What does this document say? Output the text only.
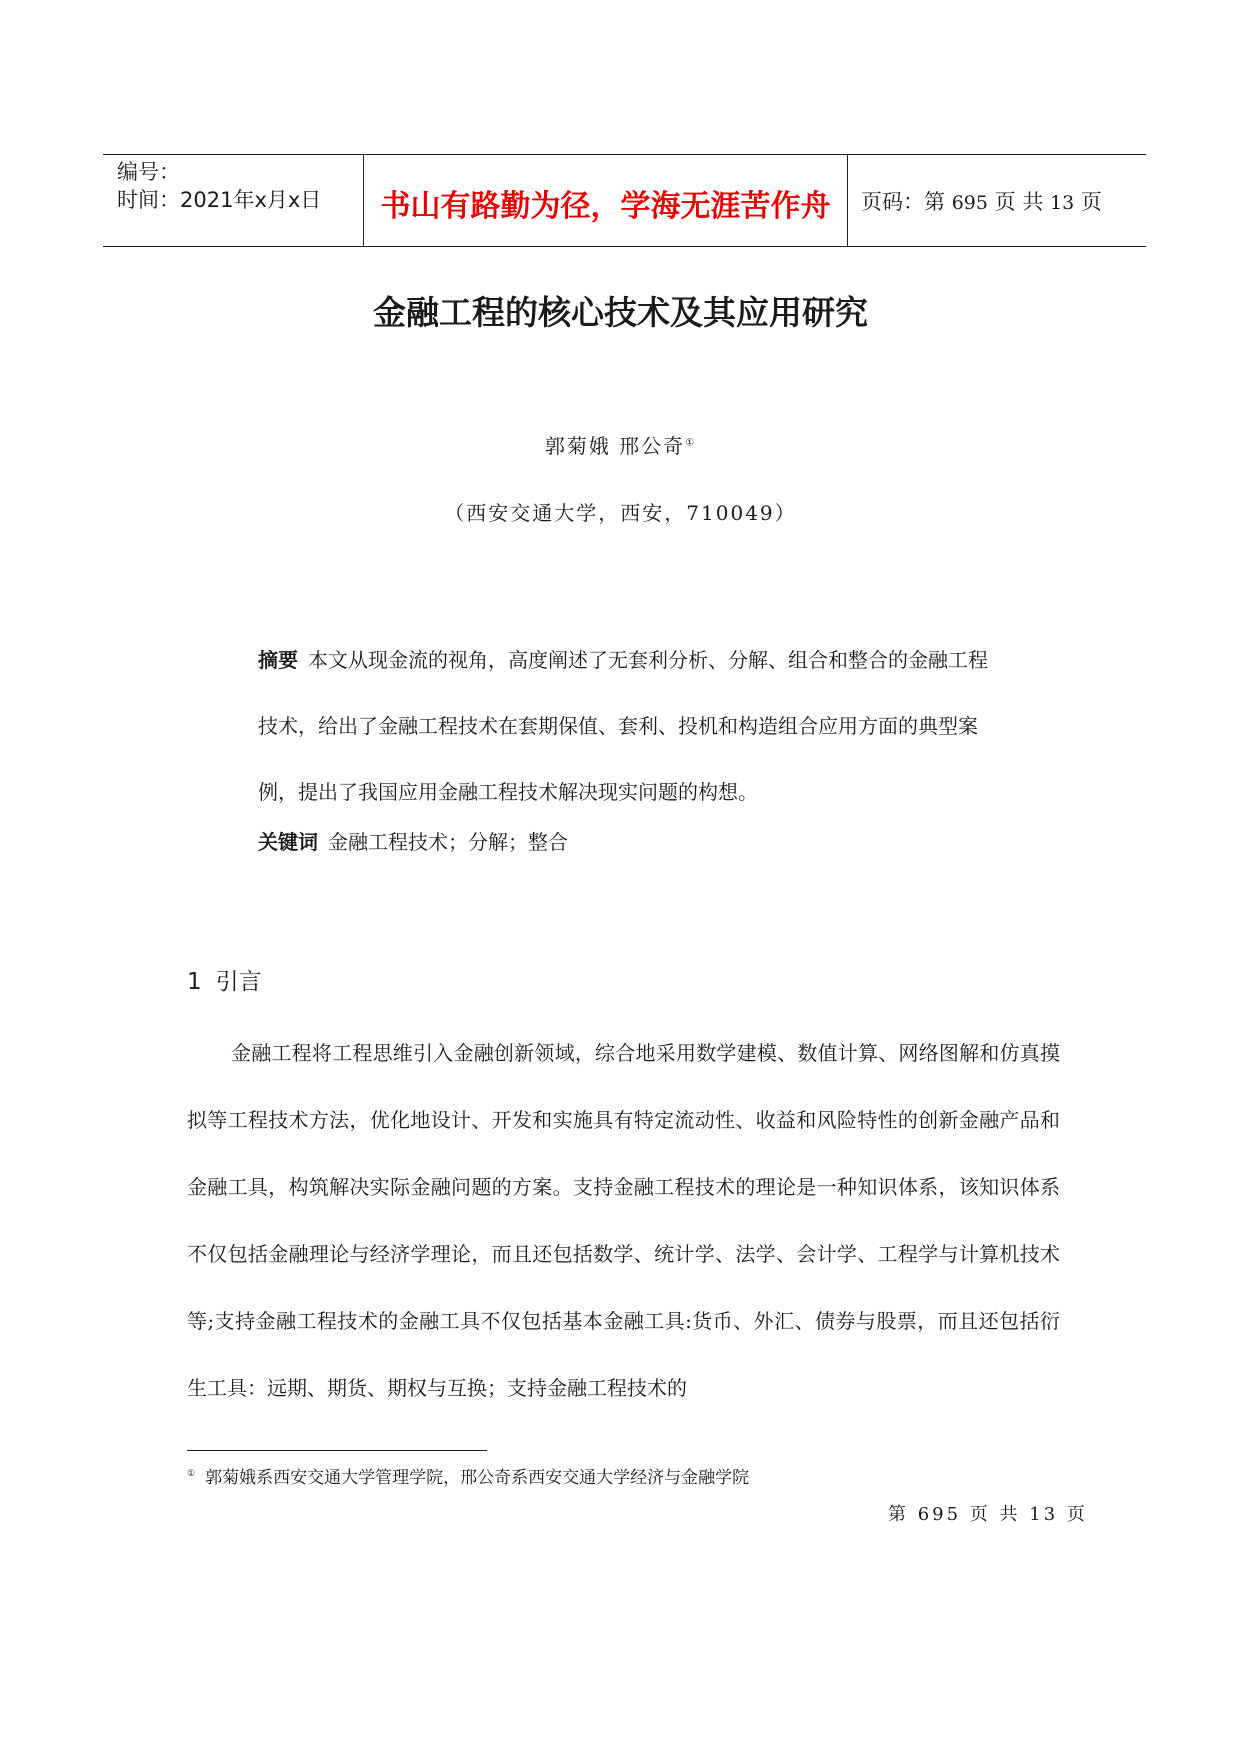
编号：
时间：2021年x月x日	书山有路勤为径，学海无涯苦作舟	页码：第 695 页 共 13 页
金融工程的核心技术及其应用研究
郭菊娥 邢公奇①
（西安交通大学，西安，710049）

摘要 本文从现金流的视角，高度阐述了无套利分析、分解、组合和整合的金融工程技术，给出了金融工程技术在套期保值、套利、投机和构造组合应用方面的典型案例，提出了我国应用金融工程技术解决现实问题的构想。

关键词 金融工程技术；分解；整合
1 引言

金融工程将工程思维引入金融创新领域，综合地采用数学建模、数值计算、网络图解和仿真摸拟等工程技术方法，优化地设计、开发和实施具有特定流动性、收益和风险特性的创新金融产品和金融工具，构筑解决实际金融问题的方案。支持金融工程技术的理论是一种知识体系，该知识体系不仅包括金融理论与经济学理论，而且还包括数学、统计学、法学、会计学、工程学与计算机技术等;支持金融工程技术的金融工具不仅包括基本金融工具:货币、外汇、债券与股票，而且还包括衍生工具：远期、期货、期权与互换；支持金融工程技术的

① 郭菊娥系西安交通大学管理学院，邢公奇系西安交通大学经济与金融学院
第 695 页 共 13 页
